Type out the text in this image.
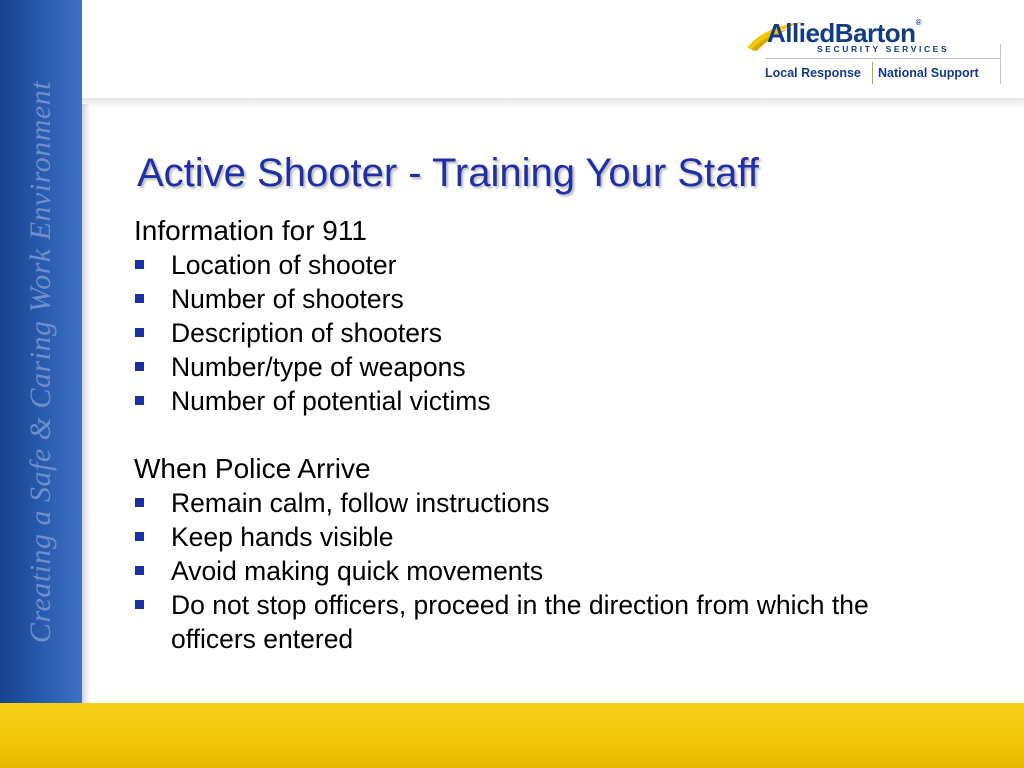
Creating a Safe & Caring Work Environment
AlliedBarton®
SECURITY SERVICES
Local Response National Support
Active Shooter - Training Your Staff

Information for 911

Location of shooter
Number of shooters
Description of shooters
Number/type of weapons
Number of potential victims

When Police Arrive

Remain calm, follow instructions
Keep hands visible
Avoid making quick movements
Do not stop officers, proceed in the direction from which the officers entered
